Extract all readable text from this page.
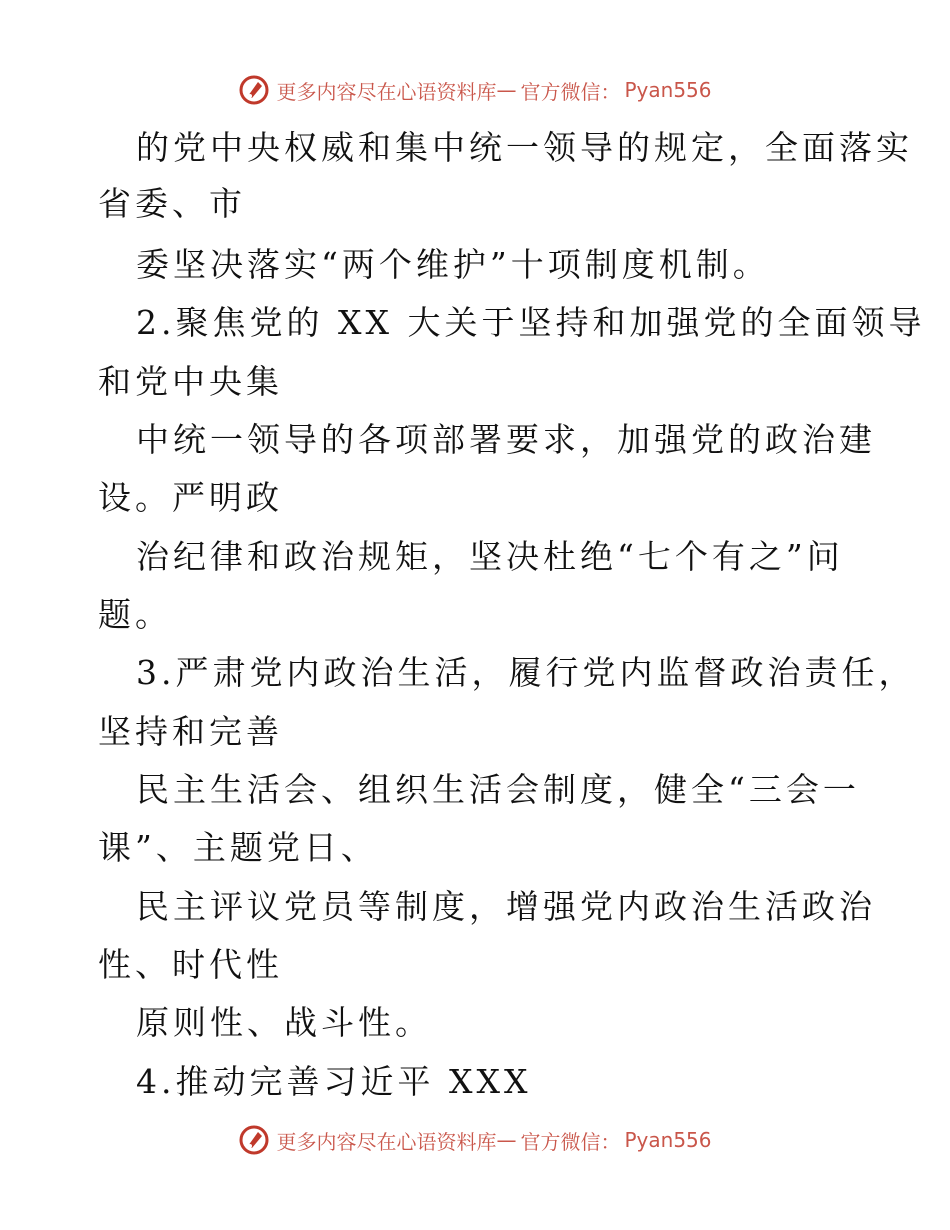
更多内容尽在心语资料库 — 官方微信： Pyan556
的党中央权威和集中统一领导的规定，全面落实
省委、市
委坚决落实“两个维护”十项制度机制。
2.聚焦党的 XX 大关于坚持和加强党的全面领导
和党中央集
中统一领导的各项部署要求，加强党的政治建
设。严明政
治纪律和政治规矩，坚决杜绝“七个有之”问
题。
3.严肃党内政治生活，履行党内监督政治责任，
坚持和完善
民主生活会、组织生活会制度，健全“三会一
课”、主题党日、
民主评议党员等制度，增强党内政治生活政治
性、时代性
原则性、战斗性。
4.推动完善习近平 XXX
更多内容尽在心语资料库 — 官方微信： Pyan556
